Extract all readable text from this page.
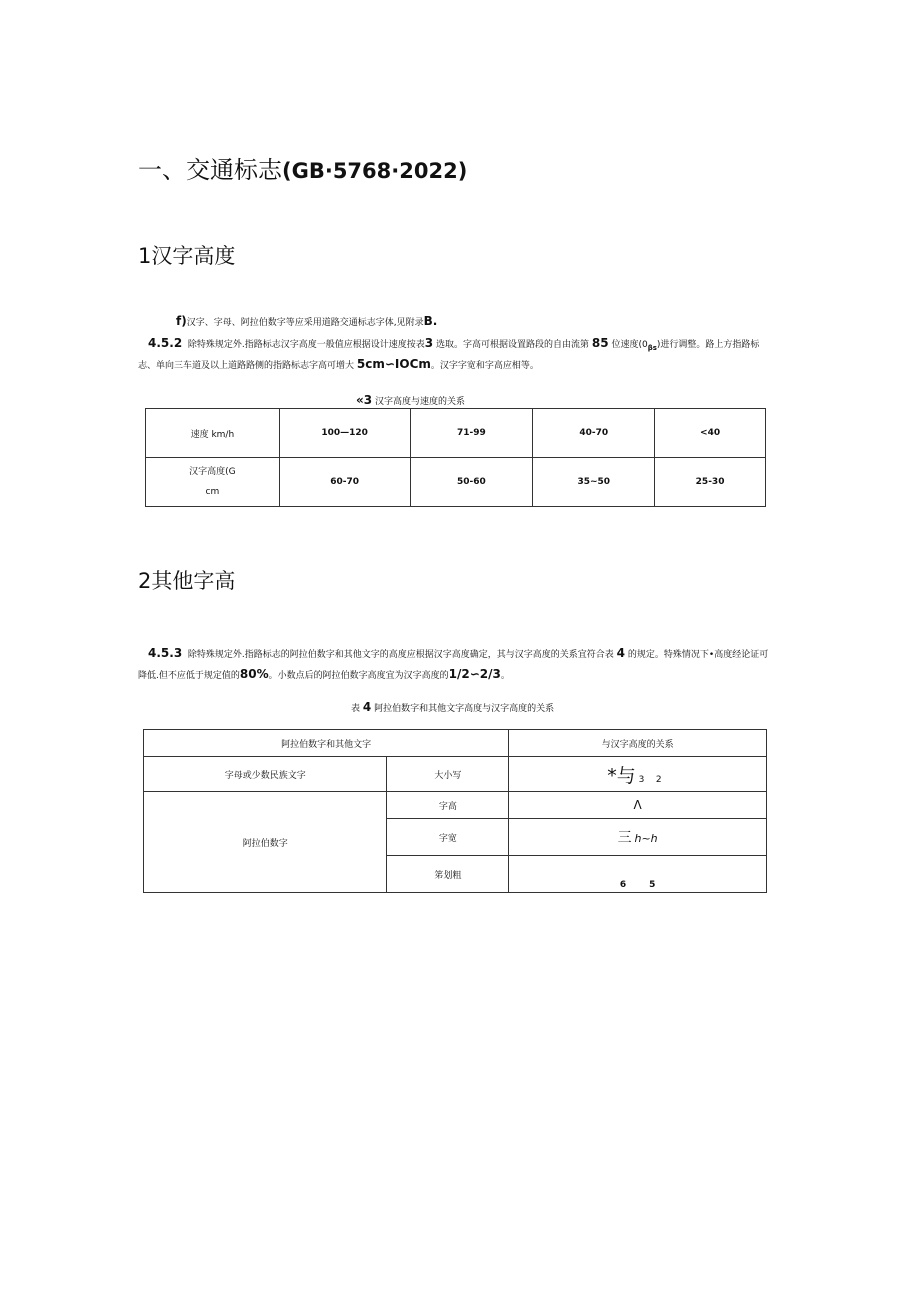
一、交通标志(GB·5768·2022)
1汉字高度
f)汉字、字母、阿拉伯数字等应采用道路交通标志字体,见附录B.
4.5.2 除特殊规定外.指路标志汉字高度一般值应根据设计速度按表3 选取。字高可根据设置路段的自由流第 85 位速度$(0_{\beta s})$进行调整。路上方指路标
志、单向三车道及以上道路路侧的指路标志字高可增大 5cm∽IOCm。汉字字宽和字高应相等。
«3 汉字高度与速度的关系
速度 km/h	100—120	71-99	40-70	<40
汉字高度(G
cm	60-70	50-60	35~50	25-30
2其他字高
4.5.3 除特殊规定外.指路标志的阿拉伯数字和其他文字的高度应根据汉字高度确定，其与汉字高度的关系宜符合表 4 的规定。特殊情况下•高度经论证可
降低.但不应低于规定值的80%。小数点后的阿拉伯数字高度宜为汉字高度的1/2∽2/3。
表 4 阿拉伯数字和其他文字高度与汉字高度的关系
阿拉伯数字和其他文字		与汉字高度的关系
字母或少数民族文字	大小写	*与 3 2
阿拉伯数字	字高	Λ
	字宽	三 h~h
	笫划粗	6 5
